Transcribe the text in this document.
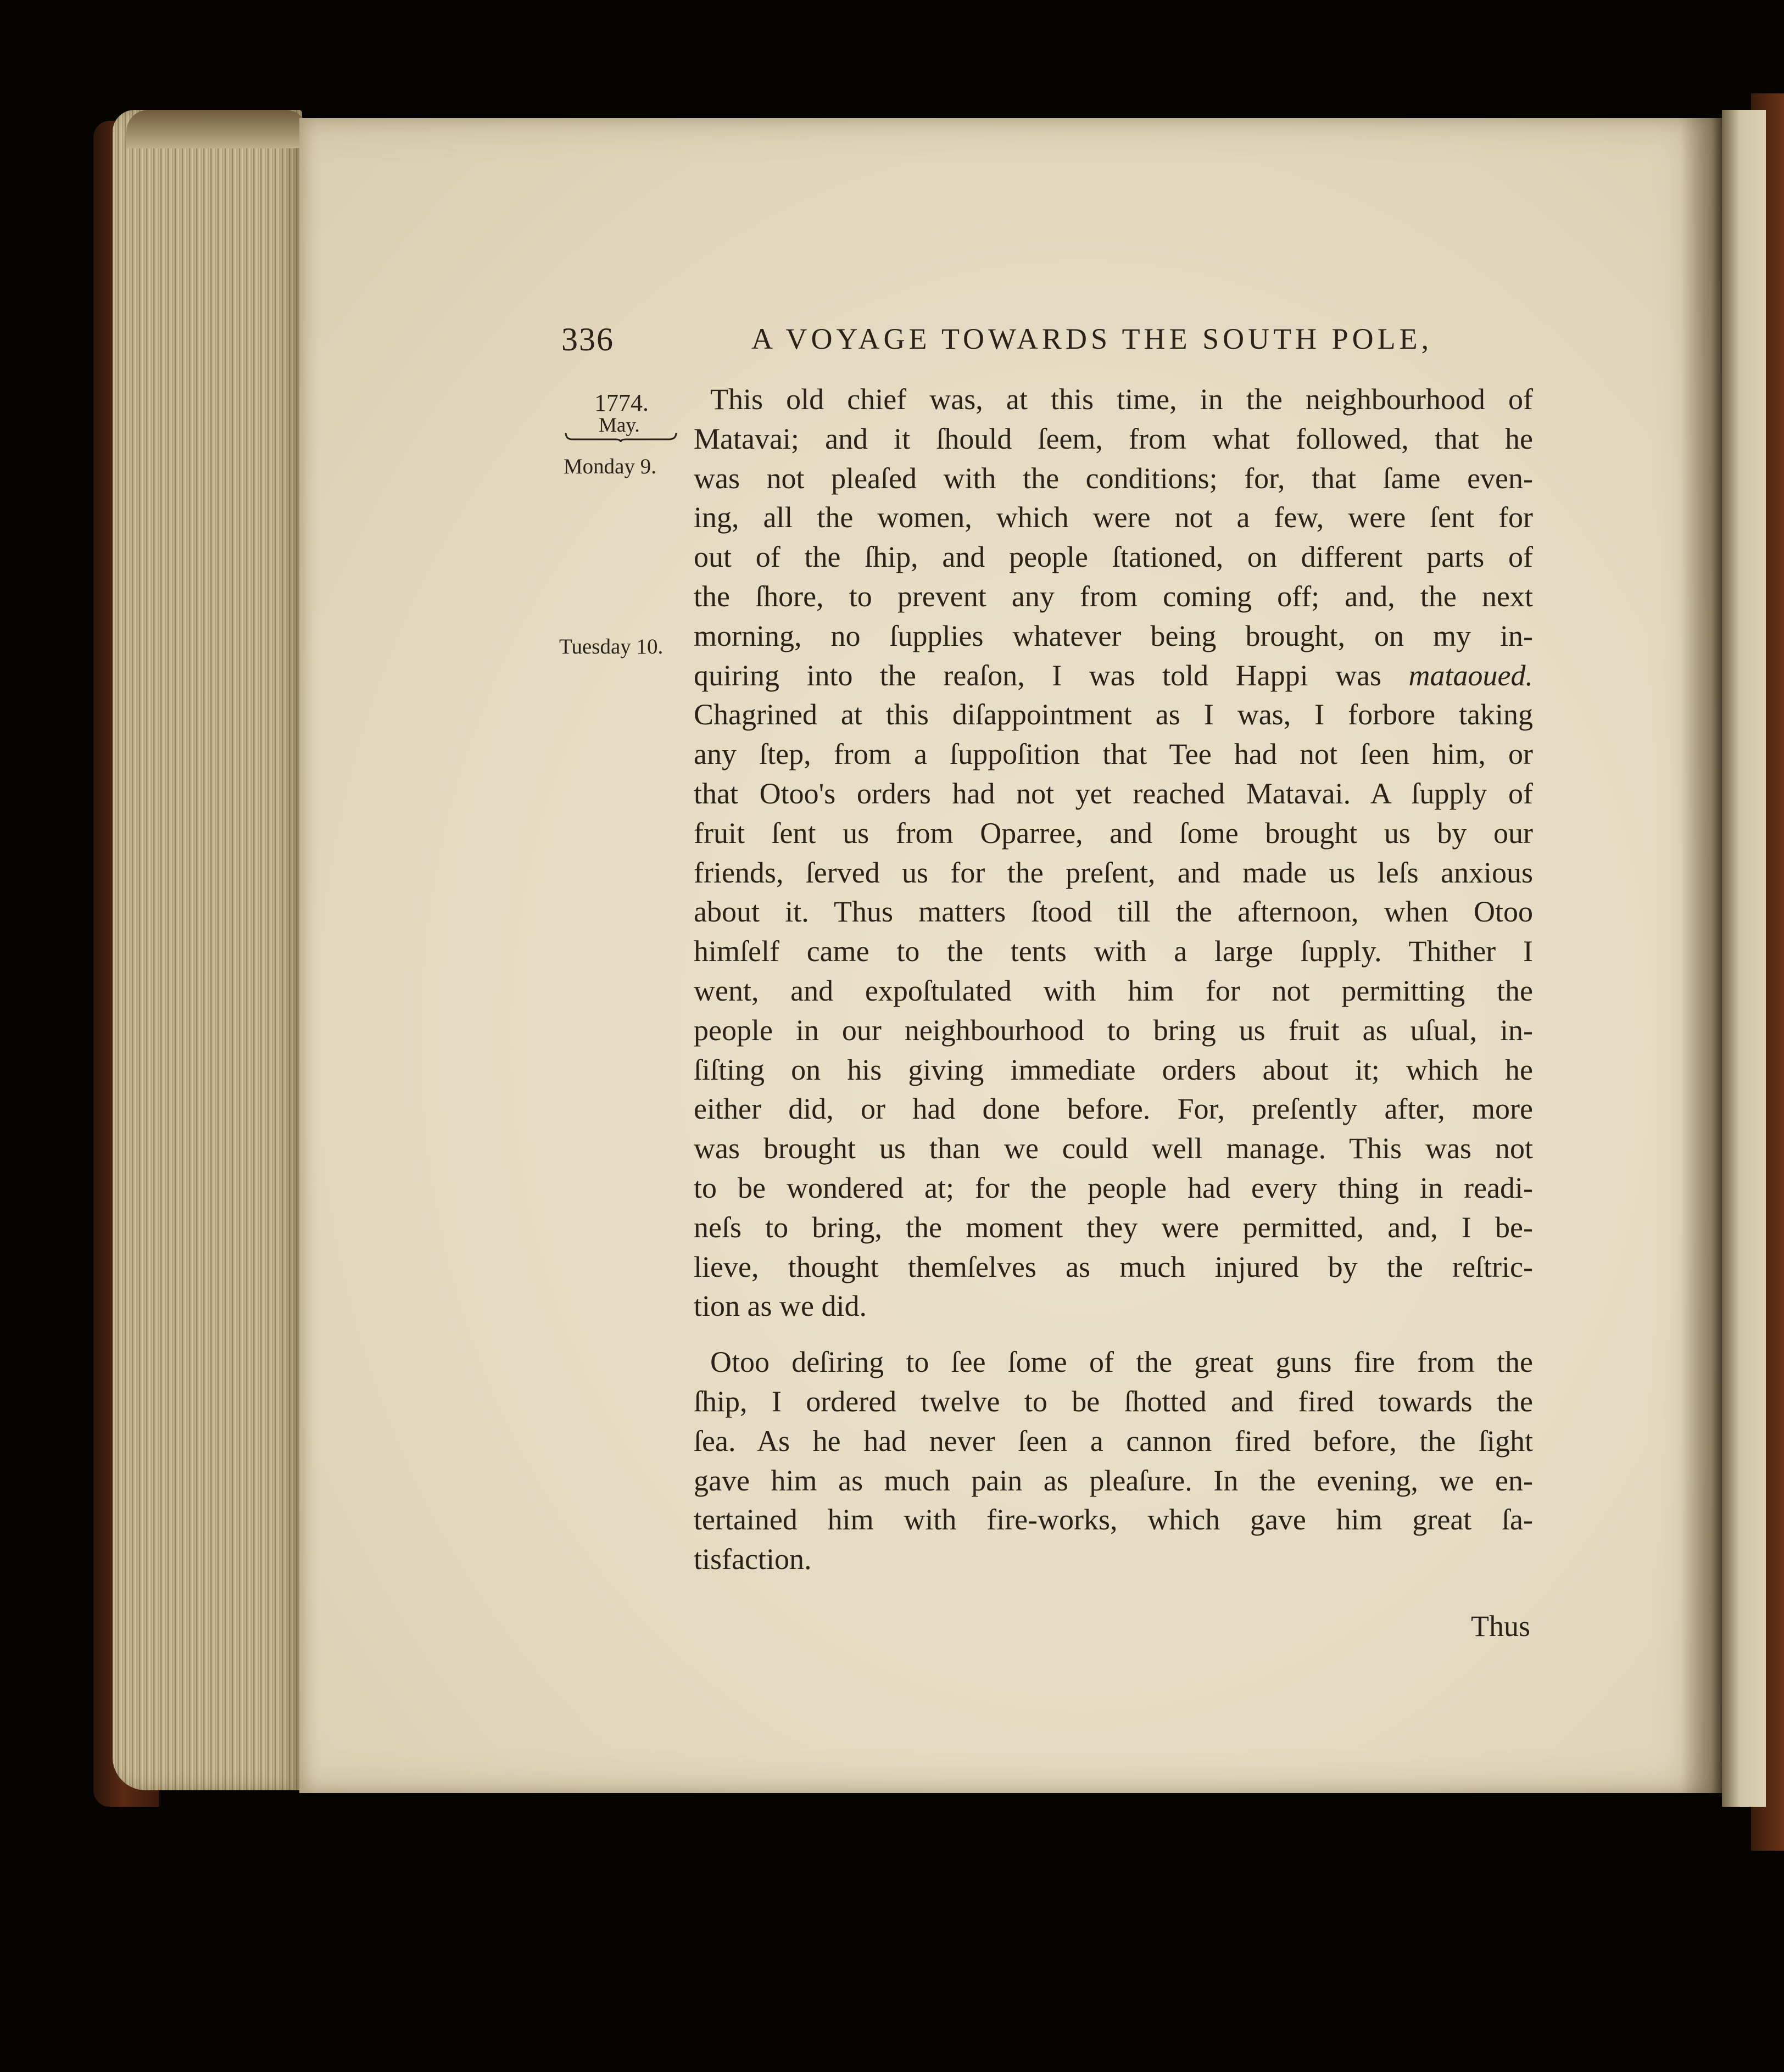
336	A VOYAGE TOWARDS THE SOUTH POLE,
1774.
May.
Monday 9.
Tuesday 10.
This old chief was, at this time, in the neighbourhood of
Matavai; and it ſhould ſeem, from what followed, that he
was not pleaſed with the conditions; for, that ſame even-
ing, all the women, which were not a few, were ſent for
out of the ſhip, and people ſtationed, on different parts of
the ſhore, to prevent any from coming off; and, the next
morning, no ſupplies whatever being brought, on my in-
quiring into the reaſon, I was told Happi was mataoued.
Chagrined at this diſappointment as I was, I forbore taking
any ſtep, from a ſuppoſition that Tee had not ſeen him, or
that Otoo's orders had not yet reached Matavai. A ſupply of
fruit ſent us from Oparree, and ſome brought us by our
friends, ſerved us for the preſent, and made us leſs anxious
about it. Thus matters ſtood till the afternoon, when Otoo
himſelf came to the tents with a large ſupply. Thither I
went, and expoſtulated with him for not permitting the
people in our neighbourhood to bring us fruit as uſual, in-
ſiſting on his giving immediate orders about it; which he
either did, or had done before. For, preſently after, more
was brought us than we could well manage. This was not
to be wondered at; for the people had every thing in readi-
neſs to bring, the moment they were permitted, and, I be-
lieve, thought themſelves as much injured by the reſtric-
tion as we did.
Otoo deſiring to ſee ſome of the great guns fire from the
ſhip, I ordered twelve to be ſhotted and fired towards the
ſea. As he had never ſeen a cannon fired before, the ſight
gave him as much pain as pleaſure. In the evening, we en-
tertained him with fire-works, which gave him great ſa-
tisfaction.
Thus
